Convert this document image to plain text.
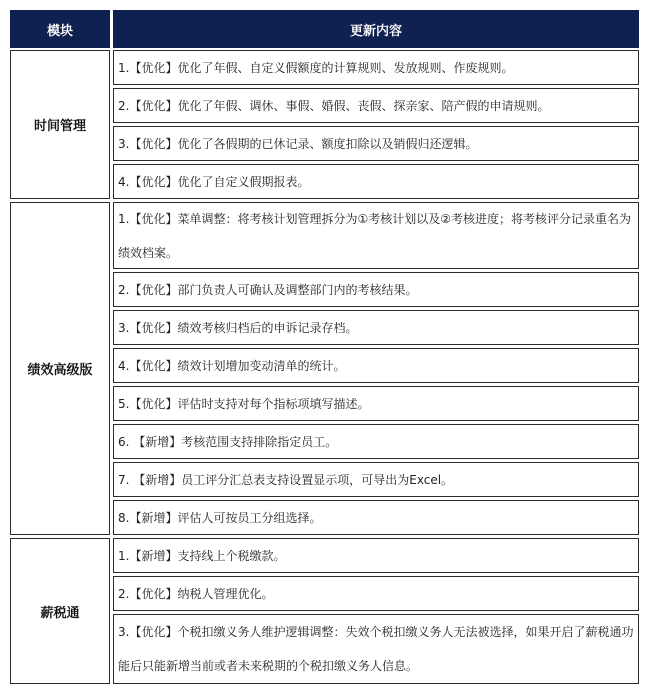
模块	更新内容
时间管理
1.【优化】优化了年假、自定义假额度的计算规则、发放规则、作废规则。
2.【优化】优化了年假、调休、事假、婚假、丧假、探亲家、陪产假的申请规则。
3.【优化】优化了各假期的已休记录、额度扣除以及销假归还逻辑。
4.【优化】优化了自定义假期报表。
绩效高级版
1.【优化】菜单调整：将考核计划管理拆分为①考核计划以及②考核进度；将考核评分记录重名为绩效档案。
2.【优化】部门负责人可确认及调整部门内的考核结果。
3.【优化】绩效考核归档后的申诉记录存档。
4.【优化】绩效计划增加变动清单的统计。
5.【优化】评估时支持对每个指标项填写描述。
6. 【新增】考核范围支持排除指定员工。
7. 【新增】员工评分汇总表支持设置显示项，可导出为Excel。
8.【新增】评估人可按员工分组选择。
薪税通
1.【新增】支持线上个税缴款。
2.【优化】纳税人管理优化。
3.【优化】个税扣缴义务人维护逻辑调整：失效个税扣缴义务人无法被选择，如果开启了薪税通功能后只能新增当前或者未来税期的个税扣缴义务人信息。
